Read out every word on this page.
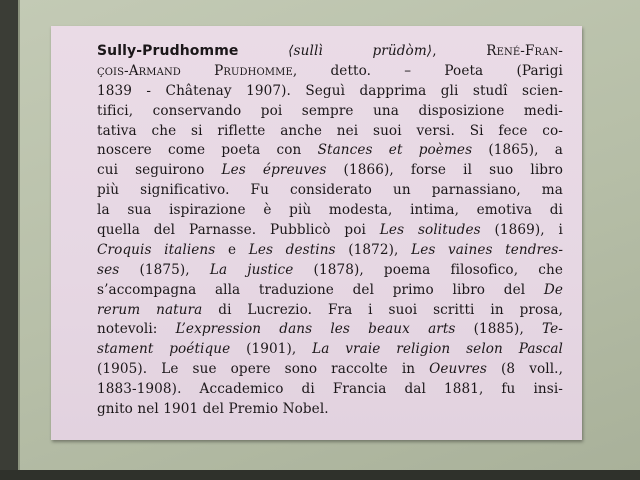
Sully-Prudhomme	⟨sullì prüdòm⟩, René-Fran-
çois-Armand Prudhomme, detto. – Poeta (Parigi
1839 - Châtenay 1907). Seguì dapprima gli studî scien-
tifici, conservando poi sempre una disposizione medi-
tativa che si riflette anche nei suoi versi. Si fece co-
noscere come poeta con Stances et poèmes (1865), a
cui seguirono Les épreuves (1866), forse il suo libro
più significativo. Fu considerato un parnassiano, ma
la sua ispirazione è più modesta, intima, emotiva di
quella del Parnasse. Pubblicò poi Les solitudes (1869), i
Croquis italiens e Les destins (1872), Les vaines tendres-
ses (1875), La justice (1878), poema filosofico, che
s’accompagna alla traduzione del primo libro del De
rerum natura di Lucrezio. Fra i suoi scritti in prosa,
notevoli: L’expression dans les beaux arts (1885), Te-
stament poétique (1901), La vraie religion selon Pascal
(1905). Le sue opere sono raccolte in Oeuvres (8 voll.,
1883-1908). Accademico di Francia dal 1881, fu insi-
gnito nel 1901 del Premio Nobel.
